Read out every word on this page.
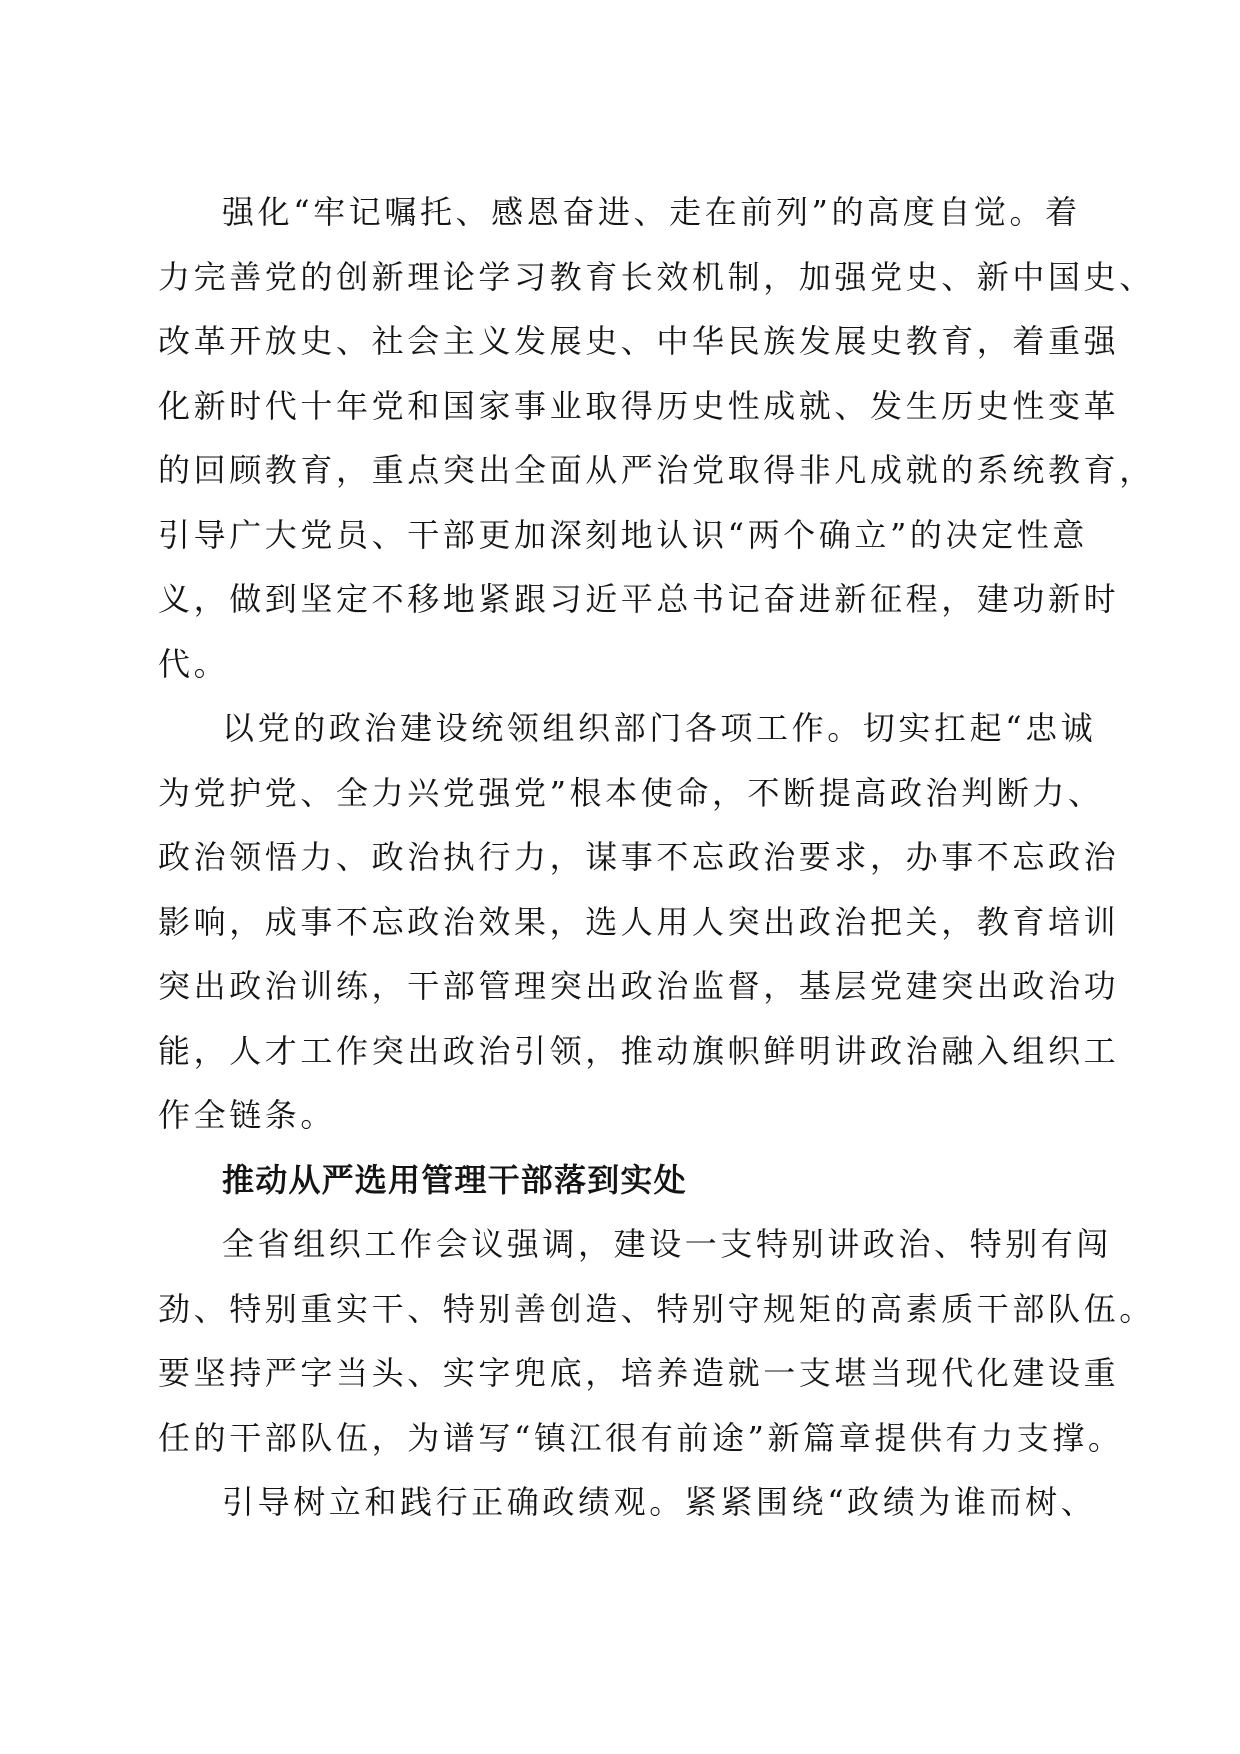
强化“牢记嘱托、感恩奋进、走在前列”的高度自觉。着
力完善党的创新理论学习教育长效机制，加强党史、新中国史、
改革开放史、社会主义发展史、中华民族发展史教育，着重强
化新时代十年党和国家事业取得历史性成就、发生历史性变革
的回顾教育，重点突出全面从严治党取得非凡成就的系统教育，
引导广大党员、干部更加深刻地认识“两个确立”的决定性意
义，做到坚定不移地紧跟习近平总书记奋进新征程，建功新时
代。
以党的政治建设统领组织部门各项工作。切实扛起“忠诚
为党护党、全力兴党强党”根本使命，不断提高政治判断力、
政治领悟力、政治执行力，谋事不忘政治要求，办事不忘政治
影响，成事不忘政治效果，选人用人突出政治把关，教育培训
突出政治训练，干部管理突出政治监督，基层党建突出政治功
能，人才工作突出政治引领，推动旗帜鲜明讲政治融入组织工
作全链条。
推动从严选用管理干部落到实处
全省组织工作会议强调，建设一支特别讲政治、特别有闯
劲、特别重实干、特别善创造、特别守规矩的高素质干部队伍。
要坚持严字当头、实字兜底，培养造就一支堪当现代化建设重
任的干部队伍，为谱写“镇江很有前途”新篇章提供有力支撑。
引导树立和践行正确政绩观。紧紧围绕“政绩为谁而树、
